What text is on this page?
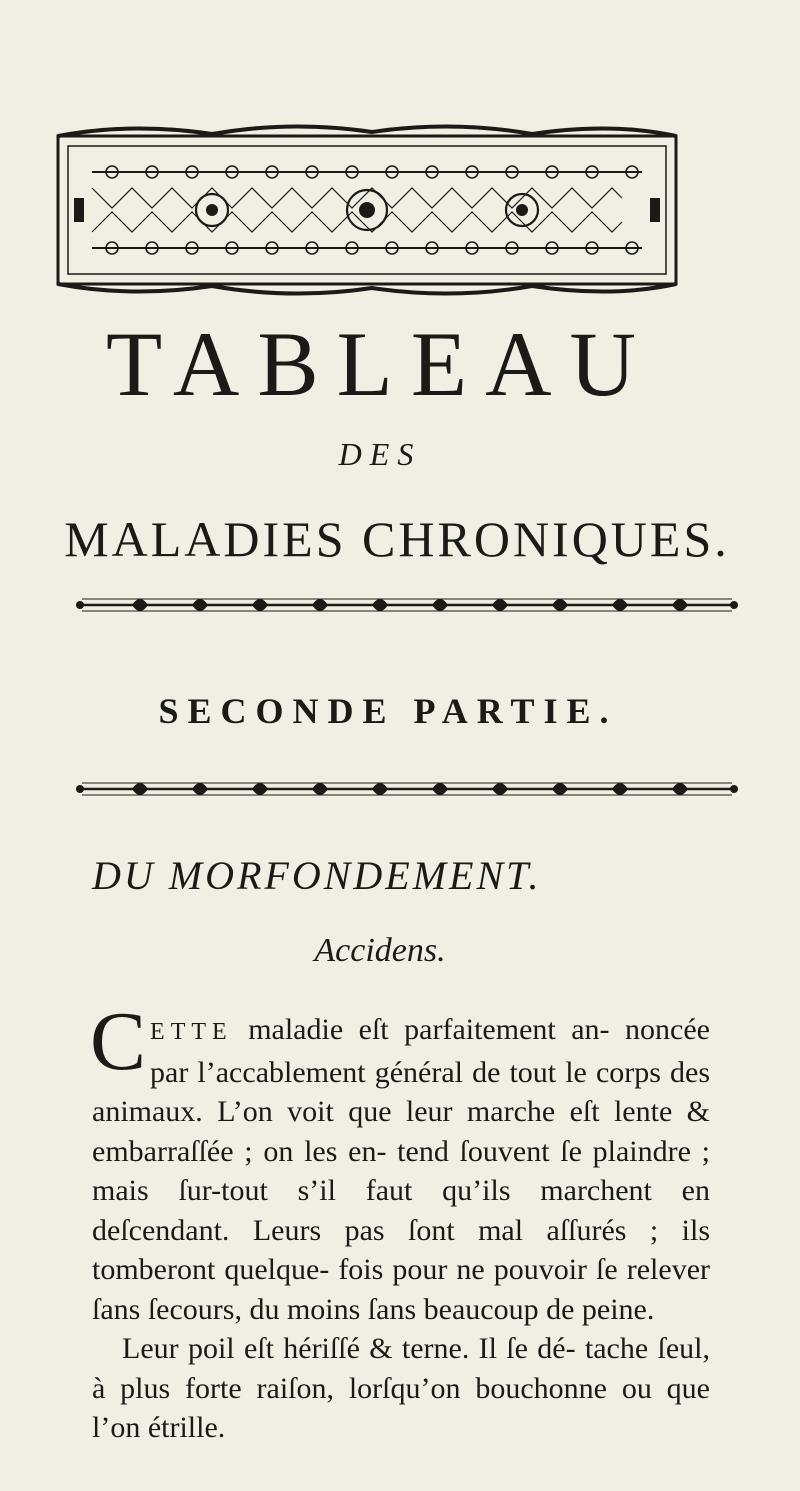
TABLEAU
DES
MALADIES CHRONIQUES.
SECONDE PARTIE.
DU MORFONDEMENT.
Accidens.

CETTE maladie eſt parfaitement an- noncée par l’accablement général de tout le corps des animaux. L’on voit que leur marche eſt lente & embarraſſée ; on les en- tend ſouvent ſe plaindre ; mais ſur-tout s’il faut qu’ils marchent en deſcendant. Leurs pas ſont mal aſſurés ; ils tomberont quelque- fois pour ne pouvoir ſe relever ſans ſecours, du moins ſans beaucoup de peine.

Leur poil eſt hériſſé & terne. Il ſe dé- tache ſeul, à plus forte raiſon, lorſqu’on bouchonne ou que l’on étrille.
